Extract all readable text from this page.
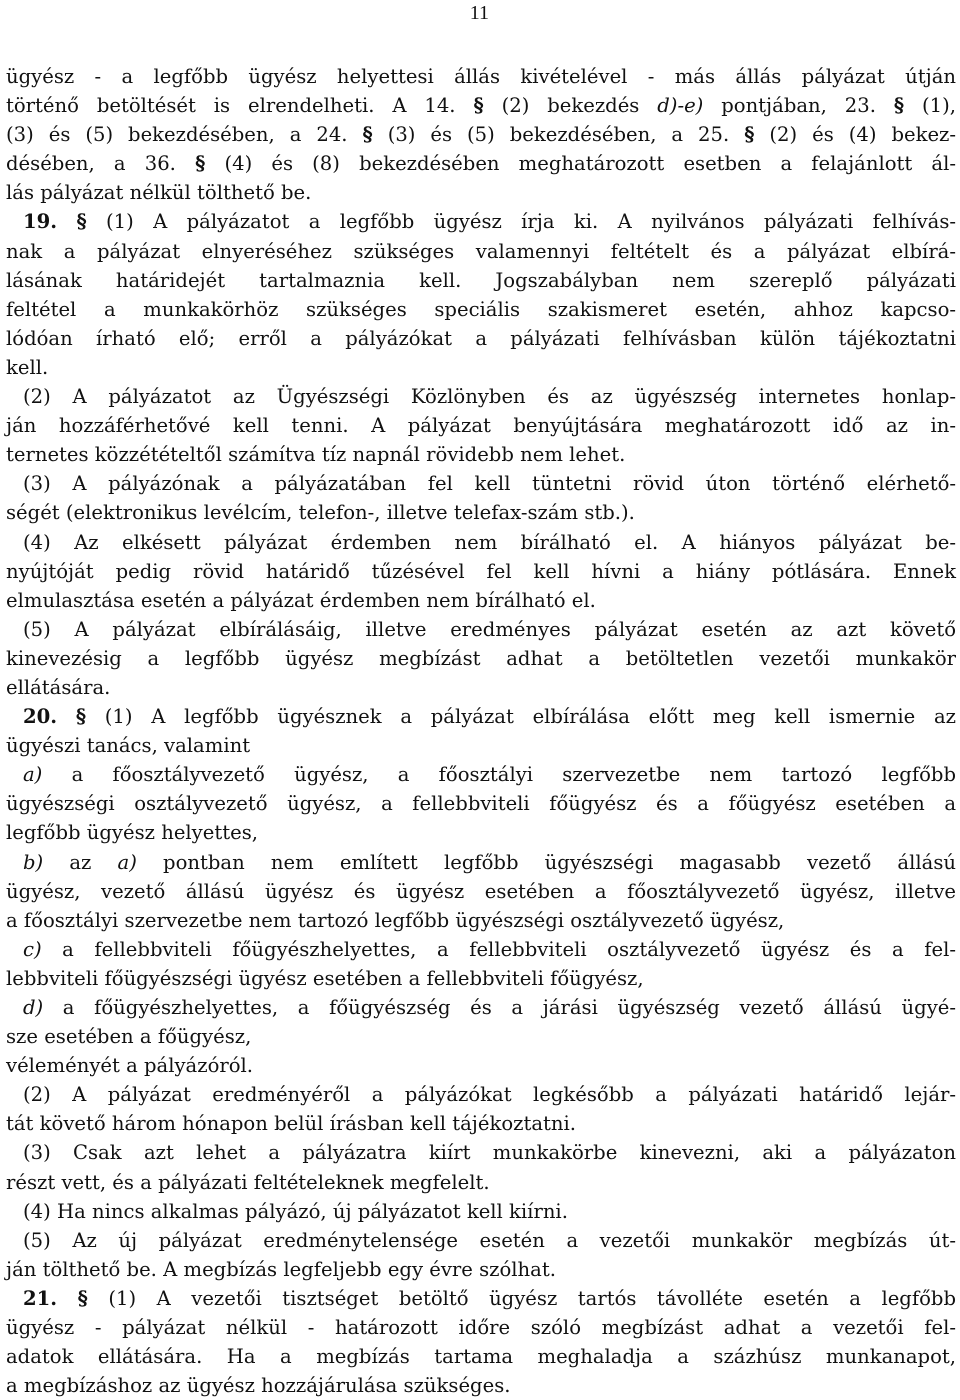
11
ügyész - a legfőbb ügyész helyettesi állás kivételével - más állás pályázat útján
történő betöltését is elrendelheti. A 14. § (2) bekezdés d)-e) pontjában, 23. § (1),
(3) és (5) bekezdésében, a 24. § (3) és (5) bekezdésében, a 25. § (2) és (4) bekez-
désében, a 36. § (4) és (8) bekezdésében meghatározott esetben a felajánlott ál-
lás pályázat nélkül tölthető be.
19. § (1) A pályázatot a legfőbb ügyész írja ki. A nyilvános pályázati felhívás-
nak a pályázat elnyeréséhez szükséges valamennyi feltételt és a pályázat elbírá-
lásának határidejét tartalmaznia kell. Jogszabályban nem szereplő pályázati
feltétel a munkakörhöz szükséges speciális szakismeret esetén, ahhoz kapcso-
lódóan írható elő; erről a pályázókat a pályázati felhívásban külön tájékoztatni
kell.
(2) A pályázatot az Ügyészségi Közlönyben és az ügyészség internetes honlap-
ján hozzáférhetővé kell tenni. A pályázat benyújtására meghatározott idő az in-
ternetes közzétételtől számítva tíz napnál rövidebb nem lehet.
(3) A pályázónak a pályázatában fel kell tüntetni rövid úton történő elérhető-
ségét (elektronikus levélcím, telefon-, illetve telefax-szám stb.).
(4) Az elkésett pályázat érdemben nem bírálható el. A hiányos pályázat be-
nyújtóját pedig rövid határidő tűzésével fel kell hívni a hiány pótlására. Ennek
elmulasztása esetén a pályázat érdemben nem bírálható el.
(5) A pályázat elbírálásáig, illetve eredményes pályázat esetén az azt követő
kinevezésig a legfőbb ügyész megbízást adhat a betöltetlen vezetői munkakör
ellátására.
20. § (1) A legfőbb ügyésznek a pályázat elbírálása előtt meg kell ismernie az
ügyészi tanács, valamint
a) a főosztályvezető ügyész, a főosztályi szervezetbe nem tartozó legfőbb
ügyészségi osztályvezető ügyész, a fellebbviteli főügyész és a főügyész esetében a
legfőbb ügyész helyettes,
b) az a) pontban nem említett legfőbb ügyészségi magasabb vezető állású
ügyész, vezető állású ügyész és ügyész esetében a főosztályvezető ügyész, illetve
a főosztályi szervezetbe nem tartozó legfőbb ügyészségi osztályvezető ügyész,
c) a fellebbviteli főügyészhelyettes, a fellebbviteli osztályvezető ügyész és a fel-
lebbviteli főügyészségi ügyész esetében a fellebbviteli főügyész,
d) a főügyészhelyettes, a főügyészség és a járási ügyészség vezető állású ügyé-
sze esetében a főügyész,
véleményét a pályázóról.
(2) A pályázat eredményéről a pályázókat legkésőbb a pályázati határidő lejár-
tát követő három hónapon belül írásban kell tájékoztatni.
(3) Csak azt lehet a pályázatra kiírt munkakörbe kinevezni, aki a pályázaton
részt vett, és a pályázati feltételeknek megfelelt.
(4) Ha nincs alkalmas pályázó, új pályázatot kell kiírni.
(5) Az új pályázat eredménytelensége esetén a vezetői munkakör megbízás út-
ján tölthető be. A megbízás legfeljebb egy évre szólhat.
21. § (1) A vezetői tisztséget betöltő ügyész tartós távolléte esetén a legfőbb
ügyész - pályázat nélkül - határozott időre szóló megbízást adhat a vezetői fel-
adatok ellátására. Ha a megbízás tartama meghaladja a százhúsz munkanapot,
a megbízáshoz az ügyész hozzájárulása szükséges.
